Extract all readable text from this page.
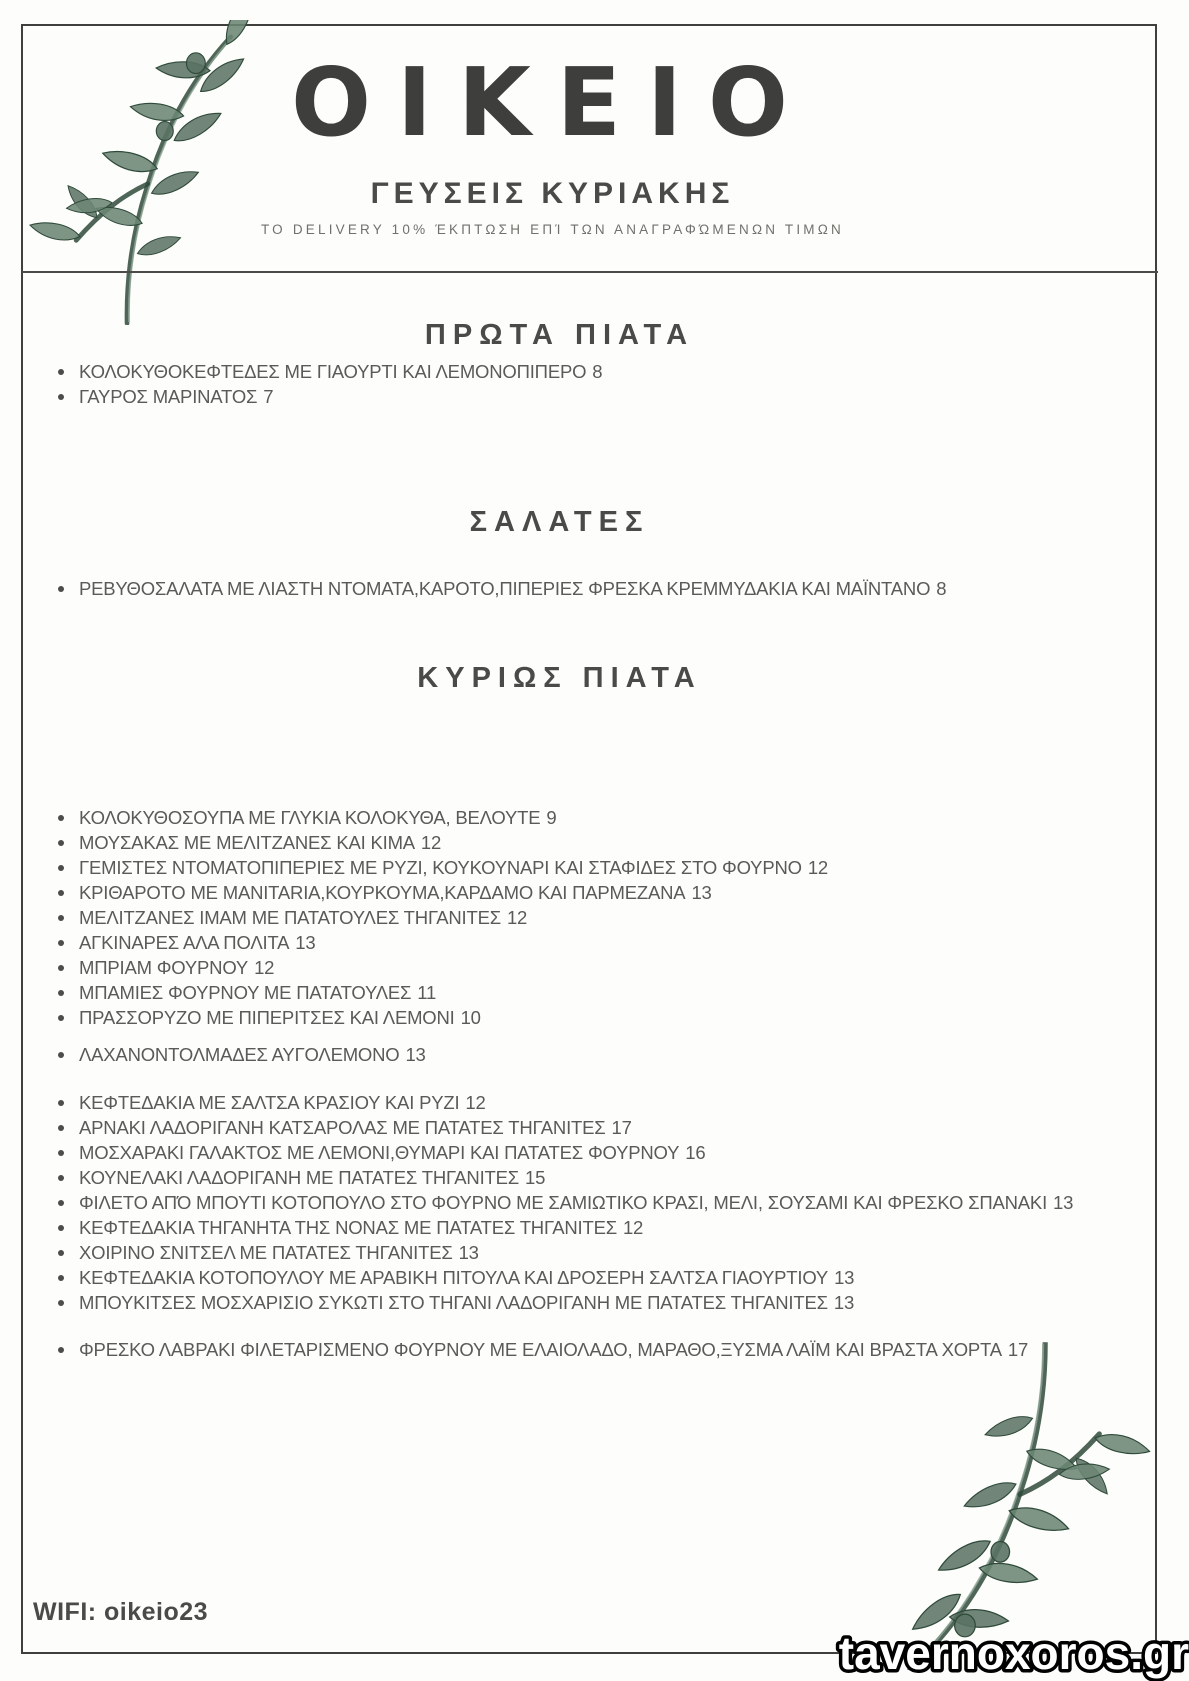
ΟΙΚΕΙΟ
ΓΕΥΣΕΙΣ ΚΥΡΙΑΚΗΣ
ΤΟ DELIVERY 10% ΈΚΠΤΩΣΗ ΕΠΊ ΤΩΝ ΑΝΑΓΡΑΦΏΜΕΝΩΝ ΤΙΜΩΝ
ΠΡΩΤΑ ΠΙΑΤΑ
ΚΟΛΟΚΥΘΟΚΕΦΤΕΔΕΣ ΜΕ ΓΙΑΟΥΡΤΙ ΚΑΙ ΛΕΜΟΝΟΠΙΠΕΡΟ 8
ΓΑΥΡΟΣ ΜΑΡΙΝΑΤΟΣ 7
ΣΑΛΑΤΕΣ
ΡΕΒΥΘΟΣΑΛΑΤΑ ΜΕ ΛΙΑΣΤΗ ΝΤΟΜΑΤΑ,ΚΑΡΟΤΟ,ΠΙΠΕΡΙΕΣ ΦΡΕΣΚΑ ΚΡΕΜΜΥΔΑΚΙΑ ΚΑΙ ΜΑΪΝΤΑΝΟ 8
ΚΥΡΙΩΣ ΠΙΑΤΑ
ΚΟΛΟΚΥΘΟΣΟΥΠΑ ΜΕ ΓΛΥΚΙΑ ΚΟΛΟΚΥΘΑ, ΒΕΛΟΥΤΕ 9
ΜΟΥΣΑΚΑΣ ΜΕ ΜΕΛΙΤΖΑΝΕΣ ΚΑΙ ΚΙΜΑ 12
ΓΕΜΙΣΤΕΣ ΝΤΟΜΑΤΟΠΙΠΕΡΙΕΣ ΜΕ ΡΥΖΙ, ΚΟΥΚΟΥΝΑΡΙ ΚΑΙ ΣΤΑΦΙΔΕΣ ΣΤΟ ΦΟΥΡΝΟ 12
ΚΡΙΘΑΡΟΤΟ ΜΕ MANITARIA,ΚΟΥΡΚΟΥΜΑ,ΚΑΡΔΑΜΟ ΚΑΙ ΠΑΡΜΕΖΑΝΑ 13
ΜΕΛΙΤΖΑΝΕΣ ΙΜΑΜ ΜΕ ΠΑΤΑΤΟΥΛΕΣ ΤΗΓΑΝΙΤΕΣ 12
ΑΓΚΙΝΑΡΕΣ ΑΛΑ ΠΟΛΙΤΑ 13
ΜΠΡΙΑΜ ΦΟΥΡΝΟΥ 12
ΜΠΑΜΙΕΣ ΦΟΥΡΝΟΥ ΜΕ ΠΑΤΑΤΟΥΛΕΣ 11
ΠΡΑΣΣΟΡΥΖΟ ΜΕ ΠΙΠΕΡΙΤΣΕΣ ΚΑΙ ΛΕΜΟΝΙ 10
ΛΑΧΑΝΟΝΤΟΛΜΑΔΕΣ ΑΥΓΟΛΕΜΟΝΟ 13
ΚΕΦΤΕΔΑΚΙΑ ΜΕ ΣΑΛΤΣΑ ΚΡΑΣΙΟΥ ΚΑΙ ΡΥΖΙ 12
ΑΡΝΑΚΙ ΛΑΔΟΡΙΓΑΝΗ ΚΑΤΣΑΡΟΛΑΣ ΜΕ ΠΑΤΑΤΕΣ ΤΗΓΑΝΙΤΕΣ 17
ΜΟΣΧΑΡΑΚΙ ΓΑΛΑΚΤΟΣ ΜΕ ΛΕΜΟΝΙ,ΘΥΜΑΡΙ ΚΑΙ ΠΑΤΑΤΕΣ ΦΟΥΡΝΟΥ 16
ΚΟΥΝΕΛΑΚΙ ΛΑΔΟΡΙΓΑΝΗ ΜΕ ΠΑΤΑΤΕΣ ΤΗΓΑΝΙΤΕΣ 15
ΦΙΛΕΤΟ ΑΠΌ ΜΠΟΥΤΙ ΚΟΤΟΠΟΥΛΟ ΣΤΟ ΦΟΥΡΝΟ ΜΕ ΣΑΜΙΩΤΙΚΟ ΚΡΑΣΙ, ΜΕΛΙ, ΣΟΥΣΑΜΙ ΚΑΙ ΦΡΕΣΚΟ ΣΠΑΝΑΚΙ 13
ΚΕΦΤΕΔΑΚΙΑ ΤΗΓΑΝΗΤΑ ΤΗΣ ΝΟΝΑΣ ΜΕ ΠΑΤΑΤΕΣ ΤΗΓΑΝΙΤΕΣ 12
ΧΟΙΡΙΝΟ ΣΝΙΤΣΕΛ ΜΕ ΠΑΤΑΤΕΣ ΤΗΓΑΝΙΤΕΣ 13
ΚΕΦΤΕΔΑΚΙΑ ΚΟΤΟΠΟΥΛΟΥ ΜΕ ΑΡΑΒΙΚΗ ΠΙΤΟΥΛΑ ΚΑΙ ΔΡΟΣΕΡΗ ΣΑΛΤΣΑ ΓΙΑΟΥΡΤΙΟΥ 13
ΜΠΟΥΚΙΤΣΕΣ ΜΟΣΧΑΡΙΣΙΟ ΣΥΚΩΤΙ ΣΤΟ ΤΗΓΑΝΙ ΛΑΔΟΡΙΓΑΝΗ ΜΕ ΠΑΤΑΤΕΣ ΤΗΓΑΝΙΤΕΣ 13
ΦΡΕΣΚΟ ΛΑΒΡΑΚΙ ΦΙΛΕΤΑΡΙΣΜΕΝΟ ΦΟΥΡΝΟΥ ΜΕ ΕΛΑΙΟΛΑΔΟ, ΜΑΡΑΘΟ,ΞΥΣΜΑ ΛΑΪΜ ΚΑΙ ΒΡΑΣΤΑ ΧΟΡΤΑ 17
WIFI: oikeio23
tavernoxoros.gr
